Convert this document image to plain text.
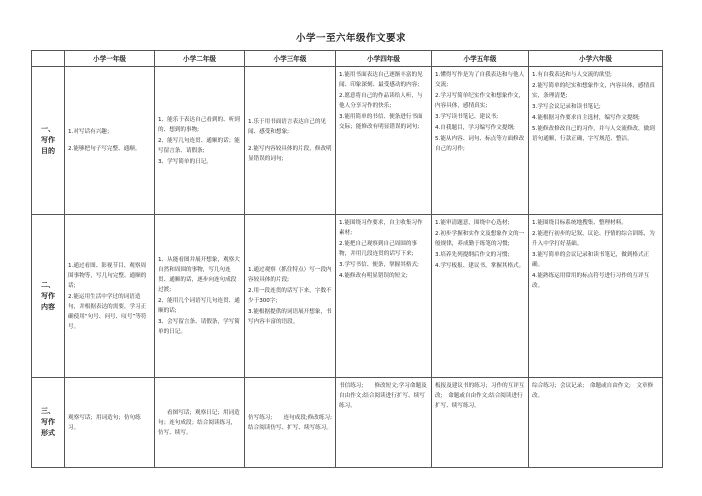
小学一至六年级作文要求
	小学一年级	小学二年级	小学三年级	小学四年级	小学五年级	小学六年级

一、
写作
目的	1.对写话有兴趣；
2.能够把句子写完整、通顺。	1、能乐于表达自己看到的、听到的、想到的事物;
2、能写几句连贯、通顺的话；能写留言条、请假条;
3、学写简单的日记。	1.乐于用书面语言表达自己的见闻、感受和想象;
2.能写内容较具体的片段，修改明显错误的词句;	1.能用书面表达自己逐渐丰富的见闻、印象深刻、最受感动的内容;
2.愿意将自己的作品读给人听，与他人分享习作的快乐;
3.能用简单的书信、便条进行书面交际；能修改有明显错误的词句;	1.懂得写作是为了自我表达和与他人交流;
2.学习写简单纪实作文和想象作文，内容具体，感情真实;
3.学写读书笔记、建议书;
4.自我题目，学习编写作文提纲;
5.能从内容、词句、标点等方面修改自己的习作;	1.有自我表达和与人交流的欲望;
2.能写简单的纪实和想象作文，内容具体，感情真实，条理清楚;
3.学写会议记录和读书笔记;
4.能根据习作要求自主选材，编写作文提纲;
5.能修改修改自己的习作，并与人交流修改，做到语句通顺，行款正确，字写规范、整洁。

二、
写作
内容	1.通过看图、影视节目、观察周围事物等，写几句完整、通顺的话;
2.能运用生活中学过的词语造句，并根据表达的需要，学习正确使用“句号、问号、叹号”等符号。	1、从能看图并展开想象，观察大自然和周围的事物，写几句连贯、通顺的话，逐步向连句成段过渡;
2、能用几个词语写几句连贯、通顺的话;
3、会写留言条、请假条，学写简单的日记。	1.通过观察（抓住特点）写一段内容较具体的片段;
2.用一段连贯的话写下来，字数不少于300字;
3.能根据提供的词语展开想象，书写内容丰富的语段。	1.能围绕习作要求，自主收集习作素材;
2.能把自己观察到自己周围的事物，并用几段连贯的话写下来;
3.学写书信、便条，掌握其格式;
4.能修改有明显错误的短文;	1.能审清题意，围绕中心选材;
2.初步学握和实作文及想象作文的一般规律，养成勤于练笔的习惯;
3.培养先列提纲后作文的习惯;
4.学写板报、建议书，掌握其格式。	1.能围绕目标系统地搜集、整理材料。
2.能进行初步的记叙、议论、抒情的综合训练，为升入中学打好基础。
3.能写简单的会议记录和读书笔记，做到格式正确。
4.能熟练运用常用的标点符号进行习作的互评互改。

三、
写作
形式	观察写话；用词造句；仿句练习。	看图写话；观察日记；用词造句；连句成段；结合阅读练习，仿写、续写。	仿写练习;　　连句成段;修改练习;　结合阅读仿写、扩写、续写练习。	书信练习;　　修改短文;学习命题及自由作文;结合阅读进行扩写、续写练习。	板报及建议书的练习；习作的互评互改;　命题或自由作文;结合阅读进行扩写、续写练习。	综合练习；会议记录;　命题或自由作文;　文章修改。
